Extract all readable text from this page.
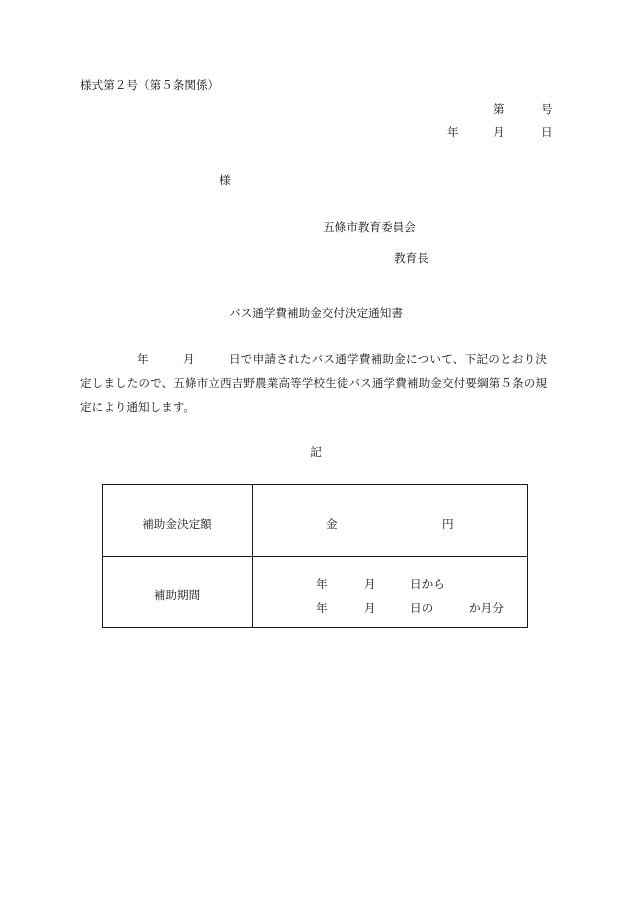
様式第２号（第５条関係）
第	号
年	月	日
様
五條市教育委員会
教育長
バス通学費補助金交付決定通知書
年	月	日で申請されたバス通学費補助金について、下記のとおり決
定しましたので、五條市立西吉野農業高等学校生徒バス通学費補助金交付要綱第５条の規
定により通知します。
記
補助金決定額	金	円
補助期間
年	月	日から
年	月	日の	か月分
